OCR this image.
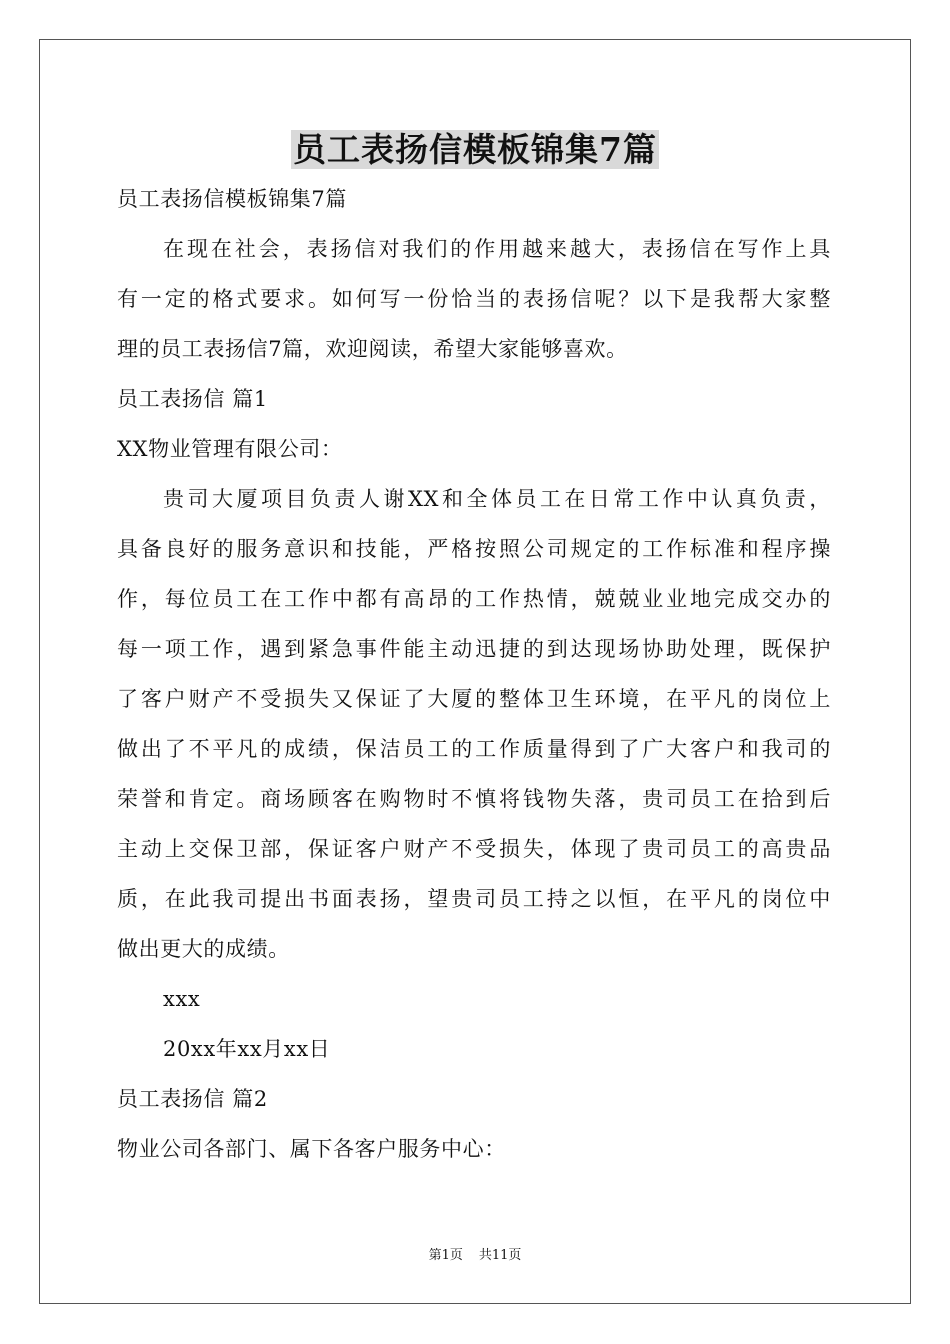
员工表扬信模板锦集7篇
员工表扬信模板锦集7篇
在现在社会，表扬信对我们的作用越来越大，表扬信在写作上具
有一定的格式要求。如何写一份恰当的表扬信呢？以下是我帮大家整
理的员工表扬信7篇，欢迎阅读，希望大家能够喜欢。
员工表扬信 篇1
XX物业管理有限公司：
贵司大厦项目负责人谢XX和全体员工在日常工作中认真负责，
具备良好的服务意识和技能，严格按照公司规定的工作标准和程序操
作，每位员工在工作中都有高昂的工作热情，兢兢业业地完成交办的
每一项工作，遇到紧急事件能主动迅捷的到达现场协助处理，既保护
了客户财产不受损失又保证了大厦的整体卫生环境，在平凡的岗位上
做出了不平凡的成绩，保洁员工的工作质量得到了广大客户和我司的
荣誉和肯定。商场顾客在购物时不慎将钱物失落，贵司员工在拾到后
主动上交保卫部，保证客户财产不受损失，体现了贵司员工的高贵品
质，在此我司提出书面表扬，望贵司员工持之以恒，在平凡的岗位中
做出更大的成绩。
xxx
20xx年xx月xx日
员工表扬信 篇2
物业公司各部门、属下各客户服务中心：
第1页 共11页
